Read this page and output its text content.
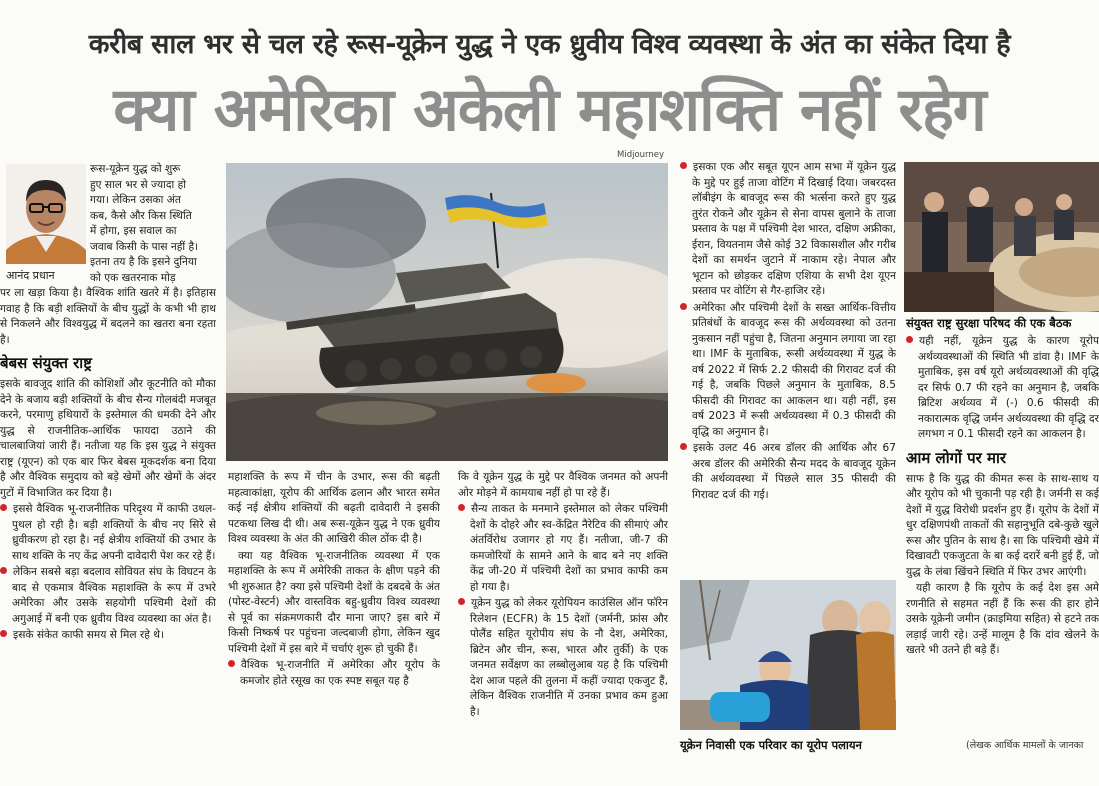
करीब साल भर से चल रहे रूस-यूक्रेन युद्ध ने एक ध्रुवीय विश्व व्यवस्था के अंत का संकेत दिया है
क्या अमेरिका अकेली महाशक्ति नहीं रहेग
आनंद प्रधान
रूस-यूक्रेन युद्ध को शुरू
हुए साल भर से ज्यादा हो
गया। लेकिन उसका अंत
कब, कैसे और किस स्थिति
में होगा, इस सवाल का
जवाब किसी के पास नहीं है।
इतना तय है कि इसने दुनिया
को एक खतरनाक मोड़

पर ला खड़ा किया है। वैश्विक शांति खतरे में है। इतिहास गवाह है कि बड़ी शक्तियों के बीच युद्धों के कभी भी हाथ से निकलने और विश्वयुद्ध में बदलने का खतरा बना रहता है।

बेबस संयुक्त राष्ट्र

इसके बावजूद शांति की कोशिशों और कूटनीति को मौका देने के बजाय बड़ी शक्तियों के बीच सैन्य गोलबंदी मजबूत करने, परमाणु हथियारों के इस्तेमाल की धमकी देने और युद्ध से राजनीतिक-आर्थिक फायदा उठाने की चालबाजियां जारी हैं। नतीजा यह कि इस युद्ध ने संयुक्त राष्ट्र (यूएन) को एक बार फिर बेबस मूकदर्शक बना दिया है और वैश्विक समुदाय को बड़े खेमों और खेमों के अंदर गुटों में विभाजित कर दिया है।

इससे वैश्विक भू-राजनीतिक परिदृश्य में काफी उथल-पुथल हो रही है। बड़ी शक्तियों के बीच नए सिरे से ध्रुवीकरण हो रहा है। नई क्षेत्रीय शक्तियों की उभार के साथ शक्ति के नए केंद्र अपनी दावेदारी पेश कर रहे हैं।

लेकिन सबसे बड़ा बदलाव सोवियत संघ के विघटन के बाद से एकमात्र वैश्विक महाशक्ति के रूप में उभरे अमेरिका और उसके सहयोगी पश्चिमी देशों की अगुआई में बनी एक ध्रुवीय विश्व व्यवस्था का अंत है।

इसके संकेत काफी समय से मिल रहे थे।

Midjourney

महाशक्ति के रूप में चीन के उभार, रूस की बढ़ती महत्वाकांक्षा, यूरोप की आर्थिक ढलान और भारत समेत कई नई क्षेत्रीय शक्तियों की बढ़ती दावेदारी ने इसकी पटकथा लिख दी थी। अब रूस-यूक्रेन युद्ध ने एक ध्रुवीय विश्व व्यवस्था के अंत की आखिरी कील ठोंक दी है।

क्या यह वैश्विक भू-राजनीतिक व्यवस्था में एक महाशक्ति के रूप में अमेरिकी ताकत के क्षीण पड़ने की भी शुरुआत है? क्या इसे पश्चिमी देशों के दबदबे के अंत (पोस्ट-वेस्टर्न) और वास्तविक बहु-ध्रुवीय विश्व व्यवस्था से पूर्व का संक्रमणकारी दौर माना जाए? इस बारे में किसी निष्कर्ष पर पहुंचना जल्दबाजी होगा, लेकिन खुद पश्चिमी देशों में इस बारे में चर्चाएं शुरू हो चुकी हैं।

वैश्विक भू-राजनीति में अमेरिका और यूरोप के कमजोर होते रसूख का एक स्पष्ट सबूत यह है

कि वे यूक्रेन युद्ध के मुद्दे पर वैश्विक जनमत को अपनी ओर मोड़ने में कामयाब नहीं हो पा रहे हैं।

सैन्य ताकत के मनमाने इस्तेमाल को लेकर पश्चिमी देशों के दोहरे और स्व-केंद्रित नैरेटिव की सीमाएं और अंतर्विरोध उजागर हो गए हैं। नतीजा, जी-7 की कमजोरियों के सामने आने के बाद बने नए शक्ति केंद्र जी-20 में पश्चिमी देशों का प्रभाव काफी कम हो गया है।

यूक्रेन युद्ध को लेकर यूरोपियन काउंसिल ऑन फॉरेन रिलेशन (ECFR) के 15 देशों (जर्मनी, फ्रांस और पोलैंड सहित यूरोपीय संघ के नौ देश, अमेरिका, ब्रिटेन और चीन, रूस, भारत और तुर्की) के एक जनमत सर्वेक्षण का लब्बोलुआब यह है कि पश्चिमी देश आज पहले की तुलना में कहीं ज्यादा एकजुट हैं, लेकिन वैश्विक राजनीति में उनका प्रभाव कम हुआ है।

इसका एक और सबूत यूएन आम सभा में यूक्रेन युद्ध के मुद्दे पर हुई ताजा वोटिंग में दिखाई दिया। जबरदस्त लॉबीइंग के बावजूद रूस की भर्त्सना करते हुए युद्ध तुरंत रोकने और यूक्रेन से सेना वापस बुलाने के ताजा प्रस्ताव के पक्ष में पश्चिमी देश भारत, दक्षिण अफ्रीका, ईरान, वियतनाम जैसे कोई 32 विकासशील और गरीब देशों का समर्थन जुटाने में नाकाम रहे। नेपाल और भूटान को छोड़कर दक्षिण एशिया के सभी देश यूएन प्रस्ताव पर वोटिंग से गैर-हाजिर रहे।

अमेरिका और पश्चिमी देशों के सख्त आर्थिक-वित्तीय प्रतिबंधों के बावजूद रूस की अर्थव्यवस्था को उतना नुकसान नहीं पहुंचा है, जितना अनुमान लगाया जा रहा था। IMF के मुताबिक, रूसी अर्थव्यवस्था में युद्ध के वर्ष 2022 में सिर्फ 2.2 फीसदी की गिरावट दर्ज की गई है, जबकि पिछले अनुमान के मुताबिक, 8.5 फीसदी की गिरावट का आकलन था। यही नहीं, इस वर्ष 2023 में रूसी अर्थव्यवस्था में 0.3 फीसदी की वृद्धि का अनुमान है।

इसके उलट 46 अरब डॉलर की आर्थिक और 67 अरब डॉलर की अमेरिकी सैन्य मदद के बावजूद यूक्रेन की अर्थव्यवस्था में पिछले साल 35 फीसदी की गिरावट दर्ज की गई।

यूक्रेन निवासी एक परिवार का यूरोप पलायन
संयुक्त राष्ट्र सुरक्षा परिषद की एक बैठक

यही नहीं, यूक्रेन युद्ध के कारण यूरोप अर्थव्यवस्थाओं की स्थिति भी डांवा है। IMF के मुताबिक, इस वर्ष यूरो अर्थव्यवस्थाओं की वृद्धि दर सिर्फ 0.7 फी रहने का अनुमान है, जबकि ब्रिटिश अर्थव्यव में (-) 0.6 फीसदी की नकारात्मक वृद्धि जर्मन अर्थव्यवस्था की वृद्धि दर लगभग न 0.1 फीसदी रहने का आकलन है।

आम लोगों पर मार

साफ है कि युद्ध की कीमत रूस के साथ-साथ य और यूरोप को भी चुकानी पड़ रही है। जर्मनी स कई देशों में युद्ध विरोधी प्रदर्शन हुए हैं। यूरोप के देशों में धुर दक्षिणपंथी ताकतों की सहानुभूति दबे-कुछे खुले रूस और पुतिन के साथ है। सा कि पश्चिमी खेमे में दिखावटी एकजुटता के बा कई दरारें बनी हुई हैं, जो युद्ध के लंबा खिंचने स्थिति में फिर उभर आएंगी।

यही कारण है कि यूरोप के कई देश इस अमे रणनीति से सहमत नहीं हैं कि रूस की हार होने उसके यूक्रेनी जमीन (क्राइमिया सहित) से हटने तक लड़ाई जारी रहे। उन्हें मालूम है कि दांव खेलने के खतरे भी उतने ही बड़े हैं।

(लेखक आर्थिक मामलों के जानका
